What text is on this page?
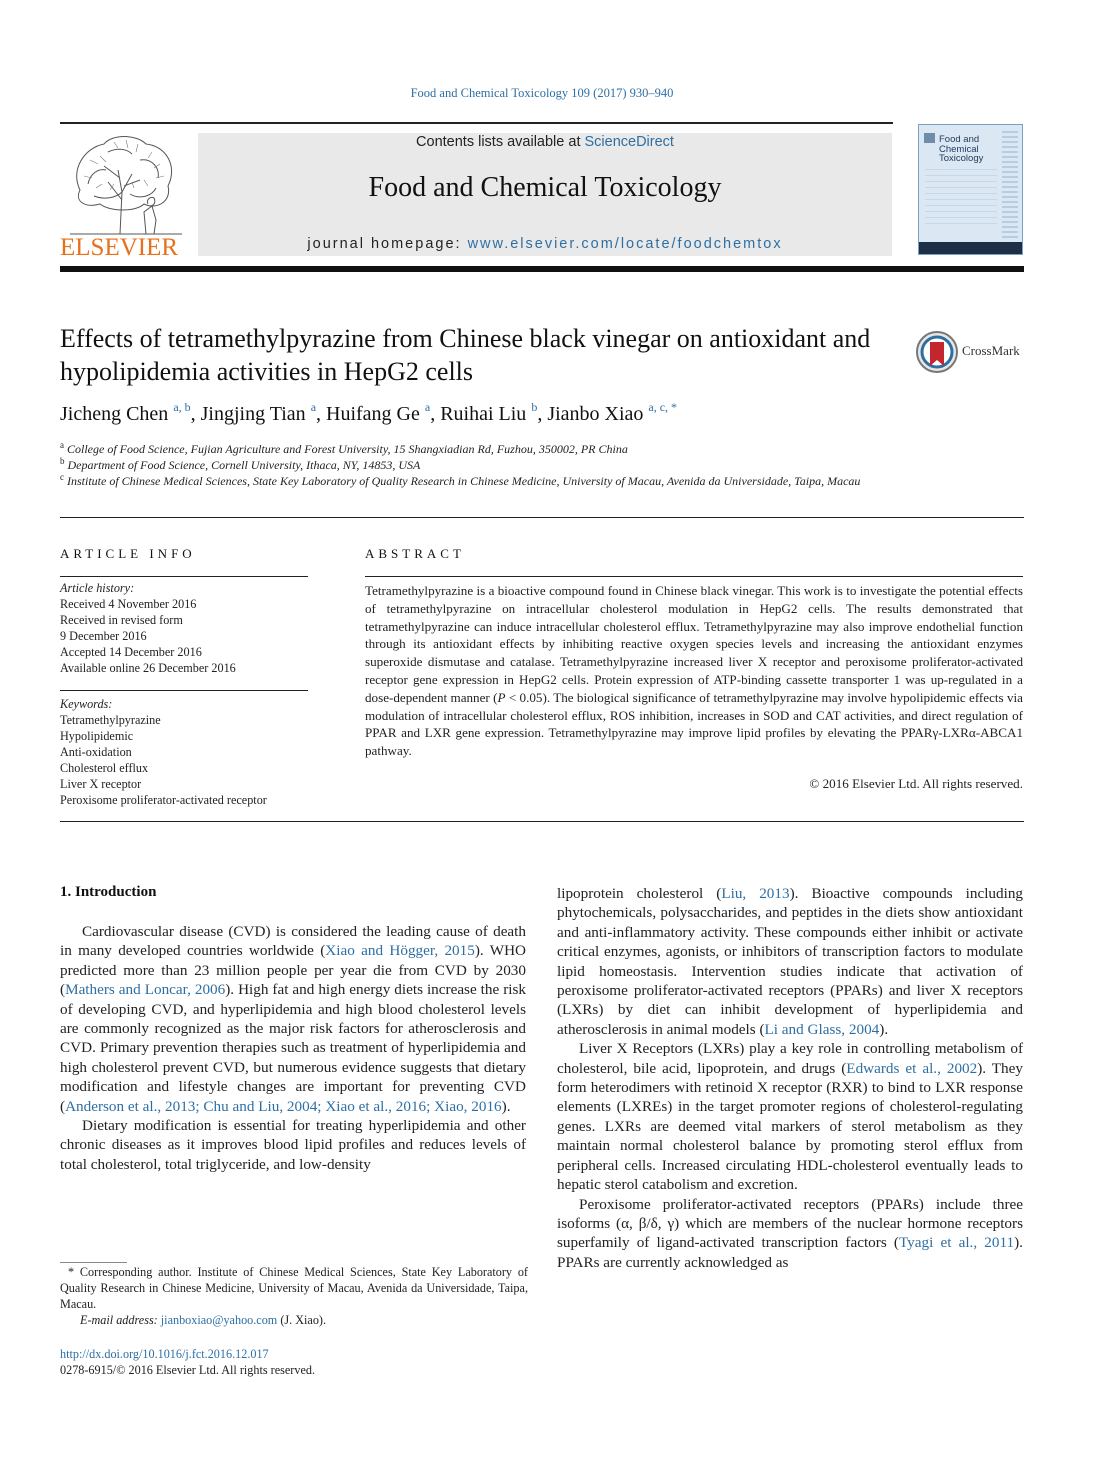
Food and Chemical Toxicology 109 (2017) 930–940
ELSEVIER
Contents lists available at ScienceDirect
Food and Chemical Toxicology
journal homepage: www.elsevier.com/locate/foodchemtox
Food and Chemical Toxicology
Effects of tetramethylpyrazine from Chinese black vinegar on antioxidant and hypolipidemia activities in HepG2 cells
CrossMark
Jicheng Chen $^{a, b}$, Jingjing Tian $^a$, Huifang Ge $^a$, Ruihai Liu $^b$, Jianbo Xiao $^{a, c, *}$
$^a$ College of Food Science, Fujian Agriculture and Forest University, 15 Shangxiadian Rd, Fuzhou, 350002, PR China
$^b$ Department of Food Science, Cornell University, Ithaca, NY, 14853, USA
$^c$ Institute of Chinese Medical Sciences, State Key Laboratory of Quality Research in Chinese Medicine, University of Macau, Avenida da Universidade, Taipa, Macau
ARTICLE INFO
Article history:
Received 4 November 2016
Received in revised form
9 December 2016
Accepted 14 December 2016
Available online 26 December 2016
Keywords:
Tetramethylpyrazine
Hypolipidemic
Anti-oxidation
Cholesterol efflux
Liver X receptor
Peroxisome proliferator-activated receptor
ABSTRACT
Tetramethylpyrazine is a bioactive compound found in Chinese black vinegar. This work is to investigate the potential effects of tetramethylpyrazine on intracellular cholesterol modulation in HepG2 cells. The results demonstrated that tetramethylpyrazine can induce intracellular cholesterol efflux. Tetramethylpyrazine may also improve endothelial function through its antioxidant effects by inhibiting reactive oxygen species levels and increasing the antioxidant enzymes superoxide dismutase and catalase. Tetramethylpyrazine increased liver X receptor and peroxisome proliferator-activated receptor gene expression in HepG2 cells. Protein expression of ATP-binding cassette transporter 1 was up-regulated in a dose-dependent manner (P < 0.05). The biological significance of tetramethylpyrazine may involve hypolipidemic effects via modulation of intracellular cholesterol efflux, ROS inhibition, increases in SOD and CAT activities, and direct regulation of PPAR and LXR gene expression. Tetramethylpyrazine may improve lipid profiles by elevating the PPARγ-LXRα-ABCA1 pathway.
© 2016 Elsevier Ltd. All rights reserved.
1. Introduction

Cardiovascular disease (CVD) is considered the leading cause of death in many developed countries worldwide (Xiao and Högger, 2015). WHO predicted more than 23 million people per year die from CVD by 2030 (Mathers and Loncar, 2006). High fat and high energy diets increase the risk of developing CVD, and hyperlipidemia and high blood cholesterol levels are commonly recognized as the major risk factors for atherosclerosis and CVD. Primary prevention therapies such as treatment of hyperlipidemia and high cholesterol prevent CVD, but numerous evidence suggests that dietary modification and lifestyle changes are important for preventing CVD (Anderson et al., 2013; Chu and Liu, 2004; Xiao et al., 2016; Xiao, 2016).

Dietary modification is essential for treating hyperlipidemia and other chronic diseases as it improves blood lipid profiles and reduces levels of total cholesterol, total triglyceride, and low-density

lipoprotein cholesterol (Liu, 2013). Bioactive compounds including phytochemicals, polysaccharides, and peptides in the diets show antioxidant and anti-inflammatory activity. These compounds either inhibit or activate critical enzymes, agonists, or inhibitors of transcription factors to modulate lipid homeostasis. Intervention studies indicate that activation of peroxisome proliferator-activated receptors (PPARs) and liver X receptors (LXRs) by diet can inhibit development of hyperlipidemia and atherosclerosis in animal models (Li and Glass, 2004).

Liver X Receptors (LXRs) play a key role in controlling metabolism of cholesterol, bile acid, lipoprotein, and drugs (Edwards et al., 2002). They form heterodimers with retinoid X receptor (RXR) to bind to LXR response elements (LXREs) in the target promoter regions of cholesterol-regulating genes. LXRs are deemed vital markers of sterol metabolism as they maintain normal cholesterol balance by promoting sterol efflux from peripheral cells. Increased circulating HDL-cholesterol eventually leads to hepatic sterol catabolism and excretion.

Peroxisome proliferator-activated receptors (PPARs) include three isoforms (α, β/δ, γ) which are members of the nuclear hormone receptors superfamily of ligand-activated transcription factors (Tyagi et al., 2011). PPARs are currently acknowledged as

* Corresponding author. Institute of Chinese Medical Sciences, State Key Laboratory of Quality Research in Chinese Medicine, University of Macau, Avenida da Universidade, Taipa, Macau.
E-mail address: jianboxiao@yahoo.com (J. Xiao).
http://dx.doi.org/10.1016/j.fct.2016.12.017
0278-6915/© 2016 Elsevier Ltd. All rights reserved.
